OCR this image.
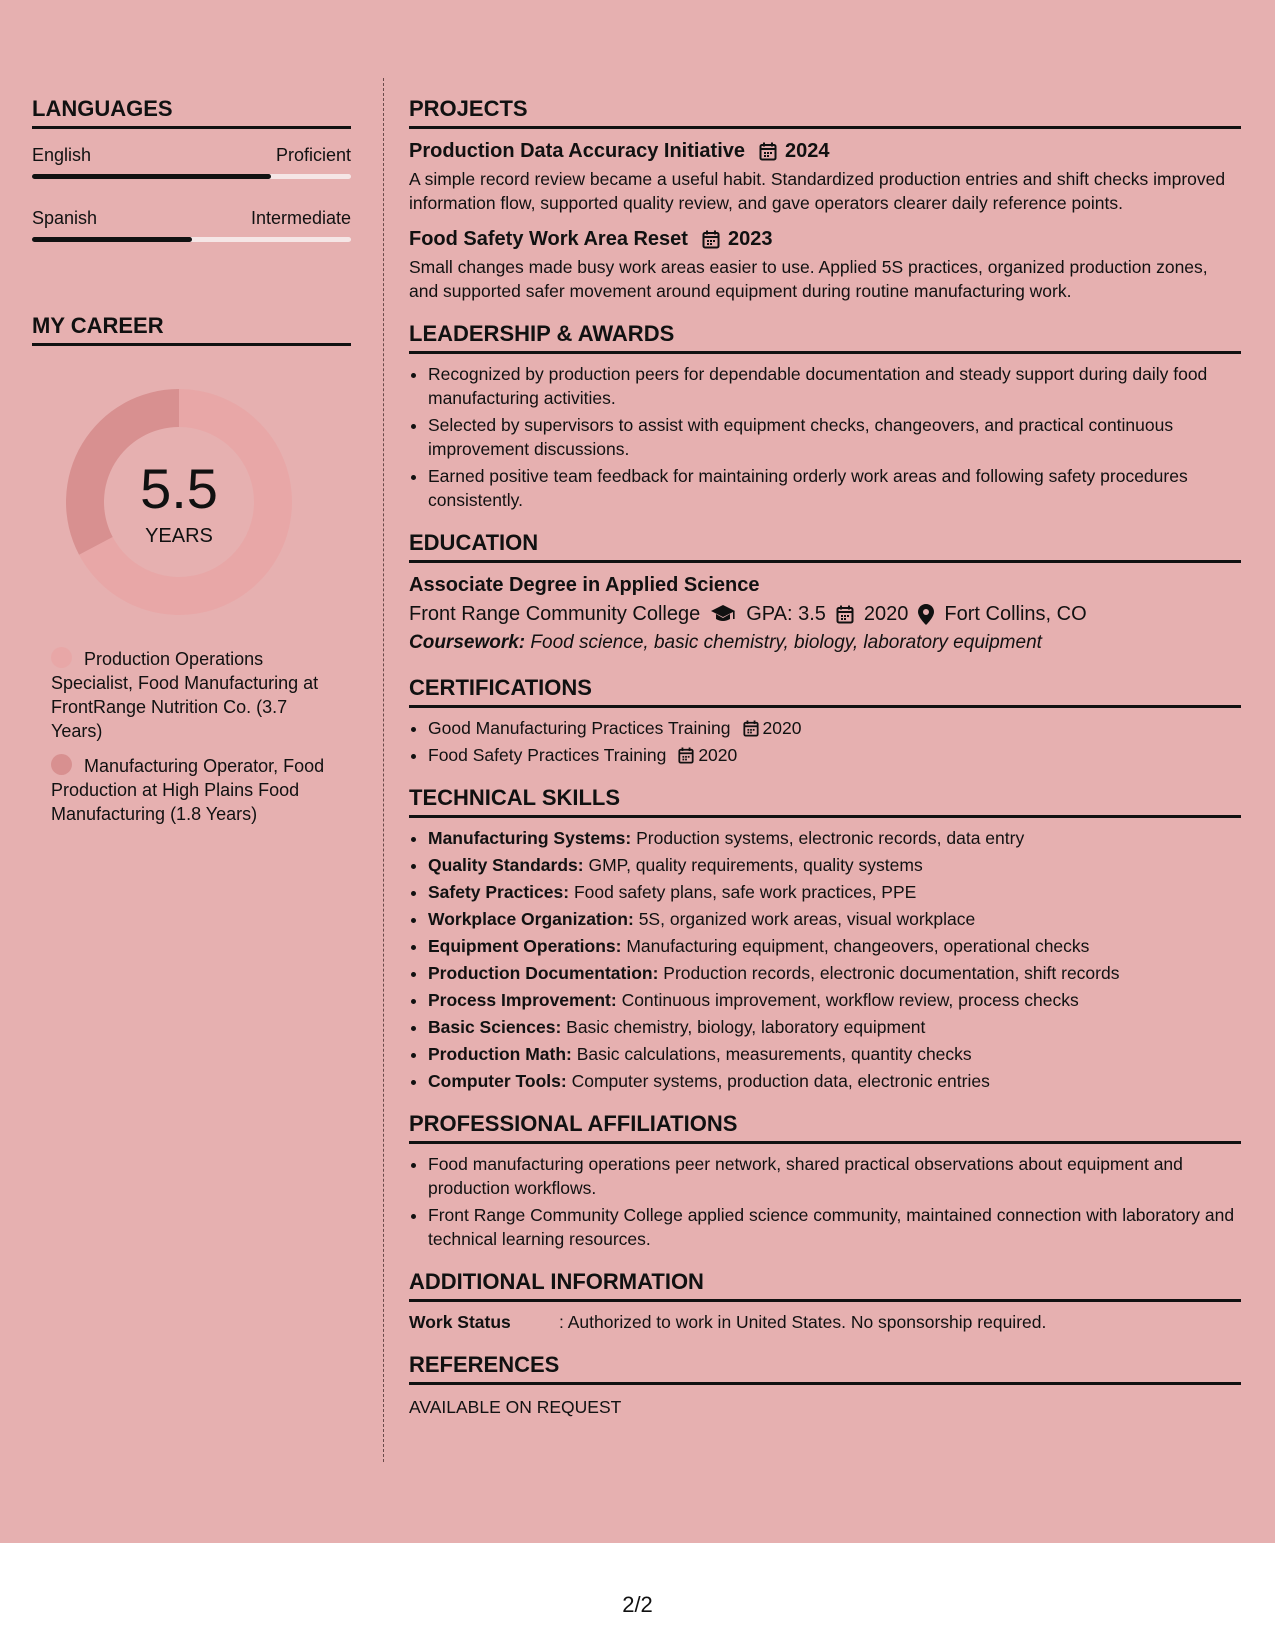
LANGUAGES
English	Proficient
Spanish	Intermediate
MY CAREER
5.5
YEARS
Production Operations Specialist, Food Manufacturing at FrontRange Nutrition Co. (3.7 Years)
Manufacturing Operator, Food Production at High Plains Food Manufacturing (1.8 Years)
PROJECTS
Production Data Accuracy Initiative 2024

A simple record review became a useful habit. Standardized production entries and shift checks improved information flow, supported quality review, and gave operators clearer daily reference points.

Food Safety Work Area Reset 2023

Small changes made busy work areas easier to use. Applied 5S practices, organized production zones, and supported safer movement around equipment during routine manufacturing work.

LEADERSHIP & AWARDS
• Recognized by production peers for dependable documentation and steady support during daily food manufacturing activities.
• Selected by supervisors to assist with equipment checks, changeovers, and practical continuous improvement discussions.
• Earned positive team feedback for maintaining orderly work areas and following safety procedures consistently.
EDUCATION
Associate Degree in Applied Science
Front Range Community College GPA: 3.5 2020 Fort Collins, CO
Coursework: Food science, basic chemistry, biology, laboratory equipment
CERTIFICATIONS
• Good Manufacturing Practices Training 2020
• Food Safety Practices Training 2020
TECHNICAL SKILLS
• Manufacturing Systems: Production systems, electronic records, data entry
• Quality Standards: GMP, quality requirements, quality systems
• Safety Practices: Food safety plans, safe work practices, PPE
• Workplace Organization: 5S, organized work areas, visual workplace
• Equipment Operations: Manufacturing equipment, changeovers, operational checks
• Production Documentation: Production records, electronic documentation, shift records
• Process Improvement: Continuous improvement, workflow review, process checks
• Basic Sciences: Basic chemistry, biology, laboratory equipment
• Production Math: Basic calculations, measurements, quantity checks
• Computer Tools: Computer systems, production data, electronic entries
PROFESSIONAL AFFILIATIONS
• Food manufacturing operations peer network, shared practical observations about equipment and production workflows.
• Front Range Community College applied science community, maintained connection with laboratory and technical learning resources.
ADDITIONAL INFORMATION
Work Status	: Authorized to work in United States. No sponsorship required.
REFERENCES
AVAILABLE ON REQUEST
2/2
